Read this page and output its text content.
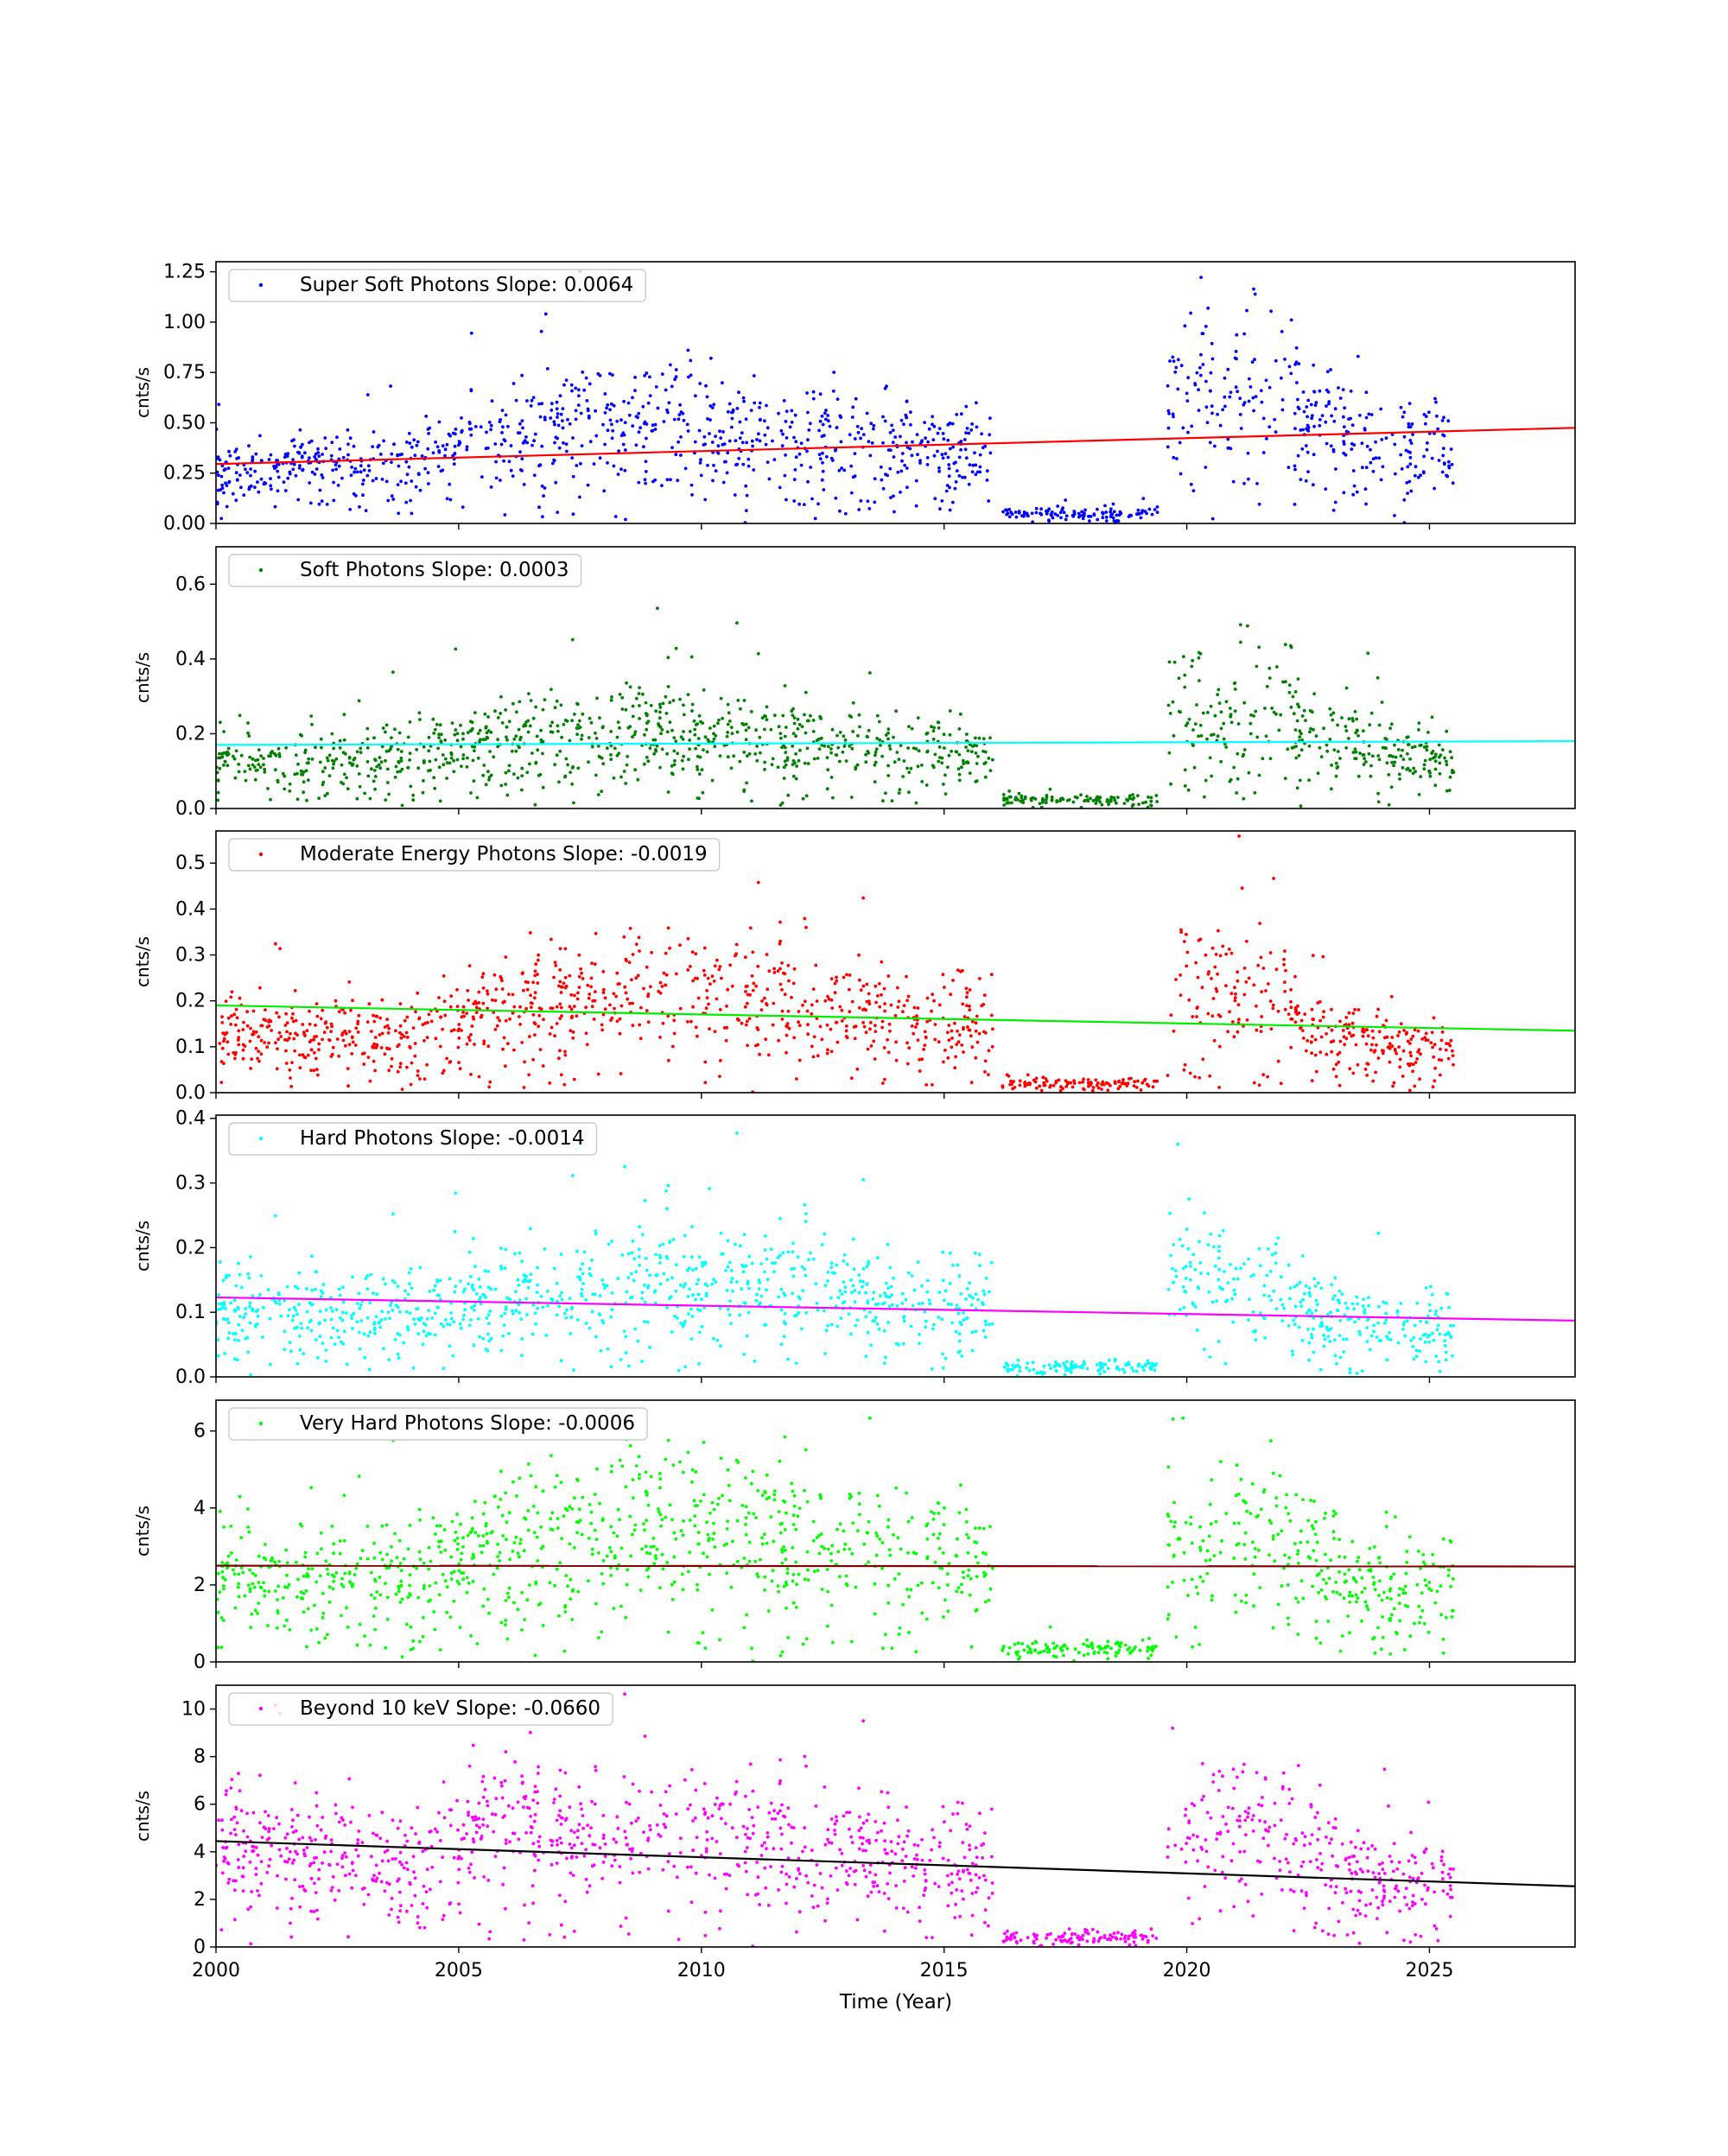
0.00
0.25
0.50
0.75
1.00
1.25
cnts/s
Super Soft Photons Slope: 0.0064
0.0
0.2
0.4
0.6
cnts/s
Soft Photons Slope: 0.0003
0.0
0.1
0.2
0.3
0.4
0.5
cnts/s
Moderate Energy Photons Slope: -0.0019
0.0
0.1
0.2
0.3
0.4
cnts/s
Hard Photons Slope: -0.0014
0
2
4
6
cnts/s
Very Hard Photons Slope: -0.0006
0
2
4
6
8
10
cnts/s
Beyond 10 keV Slope: -0.0660
Time (Year)
2000	2005	2010	2015	2020	2025
